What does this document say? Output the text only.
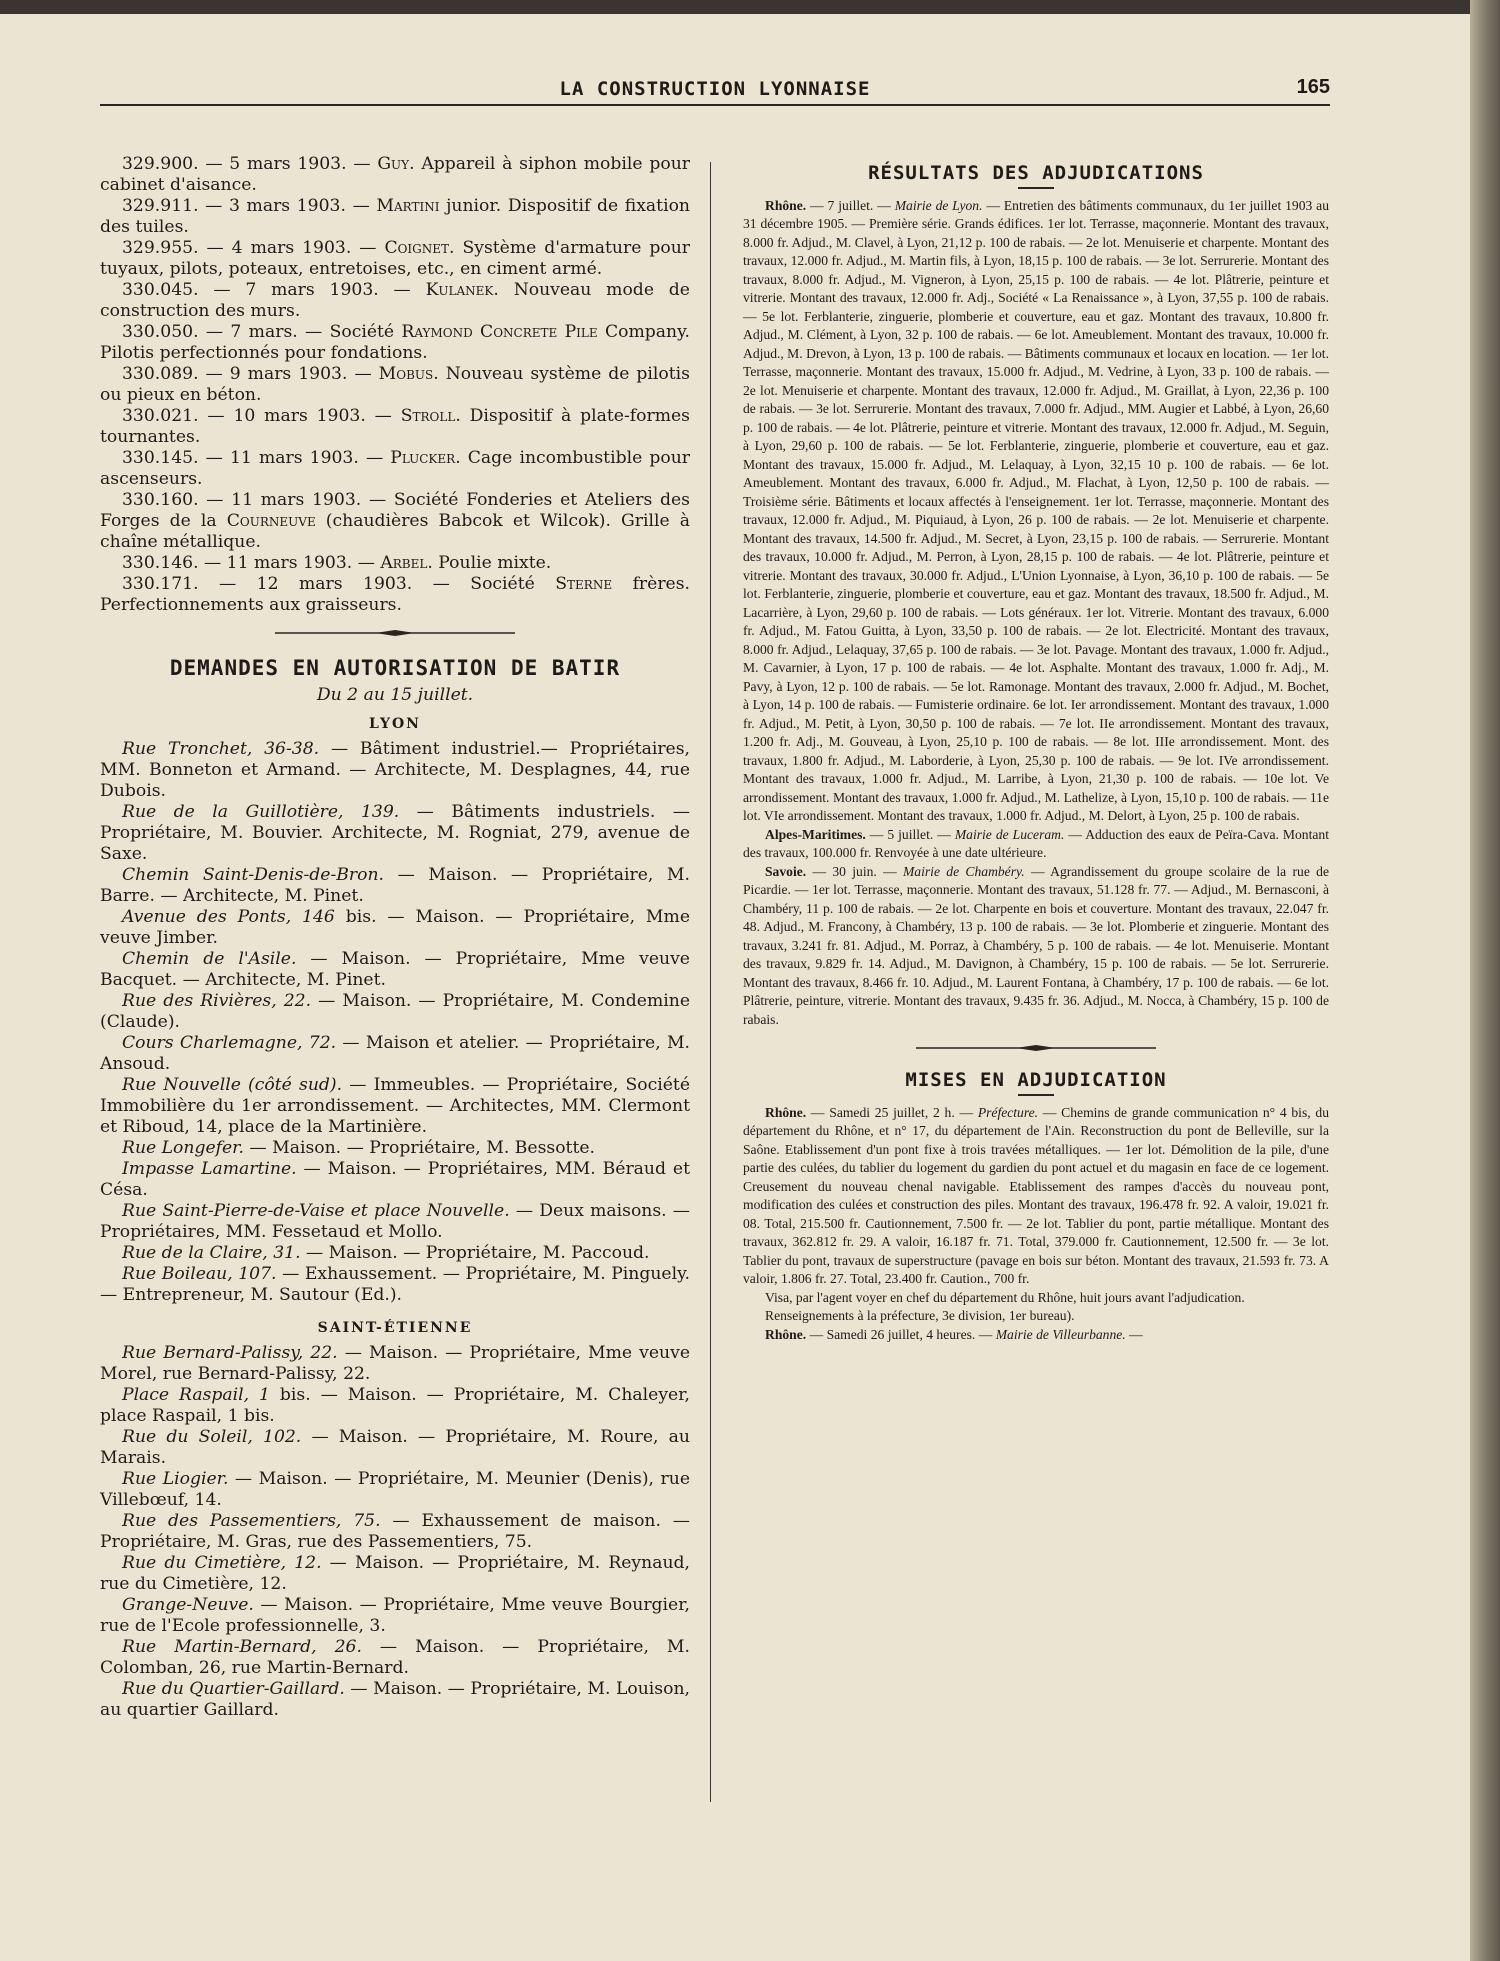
LA CONSTRUCTION LYONNAISE	165

329.900. — 5 mars 1903. — Guy. Appareil à siphon mobile pour cabinet d'aisance.

329.911. — 3 mars 1903. — Martini junior. Dispositif de fixation des tuiles.

329.955. — 4 mars 1903. — Coignet. Système d'armature pour tuyaux, pilots, poteaux, entretoises, etc., en ciment armé.

330.045. — 7 mars 1903. — Kulanek. Nouveau mode de construction des murs.

330.050. — 7 mars. — Société Raymond Concrete Pile Company. Pilotis perfectionnés pour fondations.

330.089. — 9 mars 1903. — Mobus. Nouveau système de pilotis ou pieux en béton.

330.021. — 10 mars 1903. — Stroll. Dispositif à plate-formes tournantes.

330.145. — 11 mars 1903. — Plucker. Cage incombustible pour ascenseurs.

330.160. — 11 mars 1903. — Société Fonderies et Ateliers des Forges de la Courneuve (chaudières Babcok et Wilcok). Grille à chaîne métallique.

330.146. — 11 mars 1903. — Arbel. Poulie mixte.

330.171. — 12 mars 1903. — Société Sterne frères. Perfectionnements aux graisseurs.

DEMANDES EN AUTORISATION DE BATIR
Du 2 au 15 juillet.
LYON

Rue Tronchet, 36-38. — Bâtiment industriel.— Propriétaires, MM. Bonneton et Armand. — Architecte, M. Desplagnes, 44, rue Dubois.

Rue de la Guillotière, 139. — Bâtiments industriels. — Propriétaire, M. Bouvier. Architecte, M. Rogniat, 279, avenue de Saxe.

Chemin Saint-Denis-de-Bron. — Maison. — Propriétaire, M. Barre. — Architecte, M. Pinet.

Avenue des Ponts, 146 bis. — Maison. — Propriétaire, Mme veuve Jimber.

Chemin de l'Asile. — Maison. — Propriétaire, Mme veuve Bacquet. — Architecte, M. Pinet.

Rue des Rivières, 22. — Maison. — Propriétaire, M. Condemine (Claude).

Cours Charlemagne, 72. — Maison et atelier. — Propriétaire, M. Ansoud.

Rue Nouvelle (côté sud). — Immeubles. — Propriétaire, Société Immobilière du 1er arrondissement. — Architectes, MM. Clermont et Riboud, 14, place de la Martinière.

Rue Longefer. — Maison. — Propriétaire, M. Bessotte.

Impasse Lamartine. — Maison. — Propriétaires, MM. Béraud et Césa.

Rue Saint-Pierre-de-Vaise et place Nouvelle. — Deux maisons. — Propriétaires, MM. Fessetaud et Mollo.

Rue de la Claire, 31. — Maison. — Propriétaire, M. Paccoud.

Rue Boileau, 107. — Exhaussement. — Propriétaire, M. Pinguely. — Entrepreneur, M. Sautour (Ed.).

SAINT-ÉTIENNE

Rue Bernard-Palissy, 22. — Maison. — Propriétaire, Mme veuve Morel, rue Bernard-Palissy, 22.

Place Raspail, 1 bis. — Maison. — Propriétaire, M. Chaleyer, place Raspail, 1 bis.

Rue du Soleil, 102. — Maison. — Propriétaire, M. Roure, au Marais.

Rue Liogier. — Maison. — Propriétaire, M. Meunier (Denis), rue Villebœuf, 14.

Rue des Passementiers, 75. — Exhaussement de maison. — Propriétaire, M. Gras, rue des Passementiers, 75.

Rue du Cimetière, 12. — Maison. — Propriétaire, M. Reynaud, rue du Cimetière, 12.

Grange-Neuve. — Maison. — Propriétaire, Mme veuve Bourgier, rue de l'Ecole professionnelle, 3.

Rue Martin-Bernard, 26. — Maison. — Propriétaire, M. Colomban, 26, rue Martin-Bernard.

Rue du Quartier-Gaillard. — Maison. — Propriétaire, M. Louison, au quartier Gaillard.

RÉSULTATS DES ADJUDICATIONS

Rhône. — 7 juillet. — Mairie de Lyon. — Entretien des bâtiments communaux, du 1er juillet 1903 au 31 décembre 1905. — Première série. Grands édifices. 1er lot. Terrasse, maçonnerie. Montant des travaux, 8.000 fr. Adjud., M. Clavel, à Lyon, 21,12 p. 100 de rabais. — 2e lot. Menuiserie et charpente. Montant des travaux, 12.000 fr. Adjud., M. Martin fils, à Lyon, 18,15 p. 100 de rabais. — 3e lot. Serrurerie. Montant des travaux, 8.000 fr. Adjud., M. Vigneron, à Lyon, 25,15 p. 100 de rabais. — 4e lot. Plâtrerie, peinture et vitrerie. Montant des travaux, 12.000 fr. Adj., Société « La Renaissance », à Lyon, 37,55 p. 100 de rabais. — 5e lot. Ferblanterie, zinguerie, plomberie et couverture, eau et gaz. Montant des travaux, 10.800 fr. Adjud., M. Clément, à Lyon, 32 p. 100 de rabais. — 6e lot. Ameublement. Montant des travaux, 10.000 fr. Adjud., M. Drevon, à Lyon, 13 p. 100 de rabais. — Bâtiments communaux et locaux en location. — 1er lot. Terrasse, maçonnerie. Montant des travaux, 15.000 fr. Adjud., M. Vedrine, à Lyon, 33 p. 100 de rabais. — 2e lot. Menuiserie et charpente. Montant des travaux, 12.000 fr. Adjud., M. Graillat, à Lyon, 22,36 p. 100 de rabais. — 3e lot. Serrurerie. Montant des travaux, 7.000 fr. Adjud., MM. Augier et Labbé, à Lyon, 26,60 p. 100 de rabais. — 4e lot. Plâtrerie, peinture et vitrerie. Montant des travaux, 12.000 fr. Adjud., M. Seguin, à Lyon, 29,60 p. 100 de rabais. — 5e lot. Ferblanterie, zinguerie, plomberie et couverture, eau et gaz. Montant des travaux, 15.000 fr. Adjud., M. Lelaquay, à Lyon, 32,15 10 p. 100 de rabais. — 6e lot. Ameublement. Montant des travaux, 6.000 fr. Adjud., M. Flachat, à Lyon, 12,50 p. 100 de rabais. — Troisième série. Bâtiments et locaux affectés à l'enseignement. 1er lot. Terrasse, maçonnerie. Montant des travaux, 12.000 fr. Adjud., M. Piquiaud, à Lyon, 26 p. 100 de rabais. — 2e lot. Menuiserie et charpente. Montant des travaux, 14.500 fr. Adjud., M. Secret, à Lyon, 23,15 p. 100 de rabais. — Serrurerie. Montant des travaux, 10.000 fr. Adjud., M. Perron, à Lyon, 28,15 p. 100 de rabais. — 4e lot. Plâtrerie, peinture et vitrerie. Montant des travaux, 30.000 fr. Adjud., L'Union Lyonnaise, à Lyon, 36,10 p. 100 de rabais. — 5e lot. Ferblanterie, zinguerie, plomberie et couverture, eau et gaz. Montant des travaux, 18.500 fr. Adjud., M. Lacarrière, à Lyon, 29,60 p. 100 de rabais. — Lots généraux. 1er lot. Vitrerie. Montant des travaux, 6.000 fr. Adjud., M. Fatou Guitta, à Lyon, 33,50 p. 100 de rabais. — 2e lot. Electricité. Montant des travaux, 8.000 fr. Adjud., Lelaquay, 37,65 p. 100 de rabais. — 3e lot. Pavage. Montant des travaux, 1.000 fr. Adjud., M. Cavarnier, à Lyon, 17 p. 100 de rabais. — 4e lot. Asphalte. Montant des travaux, 1.000 fr. Adj., M. Pavy, à Lyon, 12 p. 100 de rabais. — 5e lot. Ramonage. Montant des travaux, 2.000 fr. Adjud., M. Bochet, à Lyon, 14 p. 100 de rabais. — Fumisterie ordinaire. 6e lot. Ier arrondissement. Montant des travaux, 1.000 fr. Adjud., M. Petit, à Lyon, 30,50 p. 100 de rabais. — 7e lot. IIe arrondissement. Montant des travaux, 1.200 fr. Adj., M. Gouveau, à Lyon, 25,10 p. 100 de rabais. — 8e lot. IIIe arrondissement. Mont. des travaux, 1.800 fr. Adjud., M. Laborderie, à Lyon, 25,30 p. 100 de rabais. — 9e lot. IVe arrondissement. Montant des travaux, 1.000 fr. Adjud., M. Larribe, à Lyon, 21,30 p. 100 de rabais. — 10e lot. Ve arrondissement. Montant des travaux, 1.000 fr. Adjud., M. Lathelize, à Lyon, 15,10 p. 100 de rabais. — 11e lot. VIe arrondissement. Montant des travaux, 1.000 fr. Adjud., M. Delort, à Lyon, 25 p. 100 de rabais.

Alpes-Maritimes. — 5 juillet. — Mairie de Luceram. — Adduction des eaux de Peïra-Cava. Montant des travaux, 100.000 fr. Renvoyée à une date ultérieure.

Savoie. — 30 juin. — Mairie de Chambéry. — Agrandissement du groupe scolaire de la rue de Picardie. — 1er lot. Terrasse, maçonnerie. Montant des travaux, 51.128 fr. 77. — Adjud., M. Bernasconi, à Chambéry, 11 p. 100 de rabais. — 2e lot. Charpente en bois et couverture. Montant des travaux, 22.047 fr. 48. Adjud., M. Francony, à Chambéry, 13 p. 100 de rabais. — 3e lot. Plomberie et zinguerie. Montant des travaux, 3.241 fr. 81. Adjud., M. Porraz, à Chambéry, 5 p. 100 de rabais. — 4e lot. Menuiserie. Montant des travaux, 9.829 fr. 14. Adjud., M. Davignon, à Chambéry, 15 p. 100 de rabais. — 5e lot. Serrurerie. Montant des travaux, 8.466 fr. 10. Adjud., M. Laurent Fontana, à Chambéry, 17 p. 100 de rabais. — 6e lot. Plâtrerie, peinture, vitrerie. Montant des travaux, 9.435 fr. 36. Adjud., M. Nocca, à Chambéry, 15 p. 100 de rabais.

MISES EN ADJUDICATION

Rhône. — Samedi 25 juillet, 2 h. — Préfecture. — Chemins de grande communication n° 4 bis, du département du Rhône, et n° 17, du département de l'Ain. Reconstruction du pont de Belleville, sur la Saône. Etablissement d'un pont fixe à trois travées métalliques. — 1er lot. Démolition de la pile, d'une partie des culées, du tablier du logement du gardien du pont actuel et du magasin en face de ce logement. Creusement du nouveau chenal navigable. Etablissement des rampes d'accès du nouveau pont, modification des culées et construction des piles. Montant des travaux, 196.478 fr. 92. A valoir, 19.021 fr. 08. Total, 215.500 fr. Cautionnement, 7.500 fr. — 2e lot. Tablier du pont, partie métallique. Montant des travaux, 362.812 fr. 29. A valoir, 16.187 fr. 71. Total, 379.000 fr. Cautionnement, 12.500 fr. — 3e lot. Tablier du pont, travaux de superstructure (pavage en bois sur béton. Montant des travaux, 21.593 fr. 73. A valoir, 1.806 fr. 27. Total, 23.400 fr. Caution., 700 fr.

Visa, par l'agent voyer en chef du département du Rhône, huit jours avant l'adjudication.

Renseignements à la préfecture, 3e division, 1er bureau).

Rhône. — Samedi 26 juillet, 4 heures. — Mairie de Villeurbanne. —
